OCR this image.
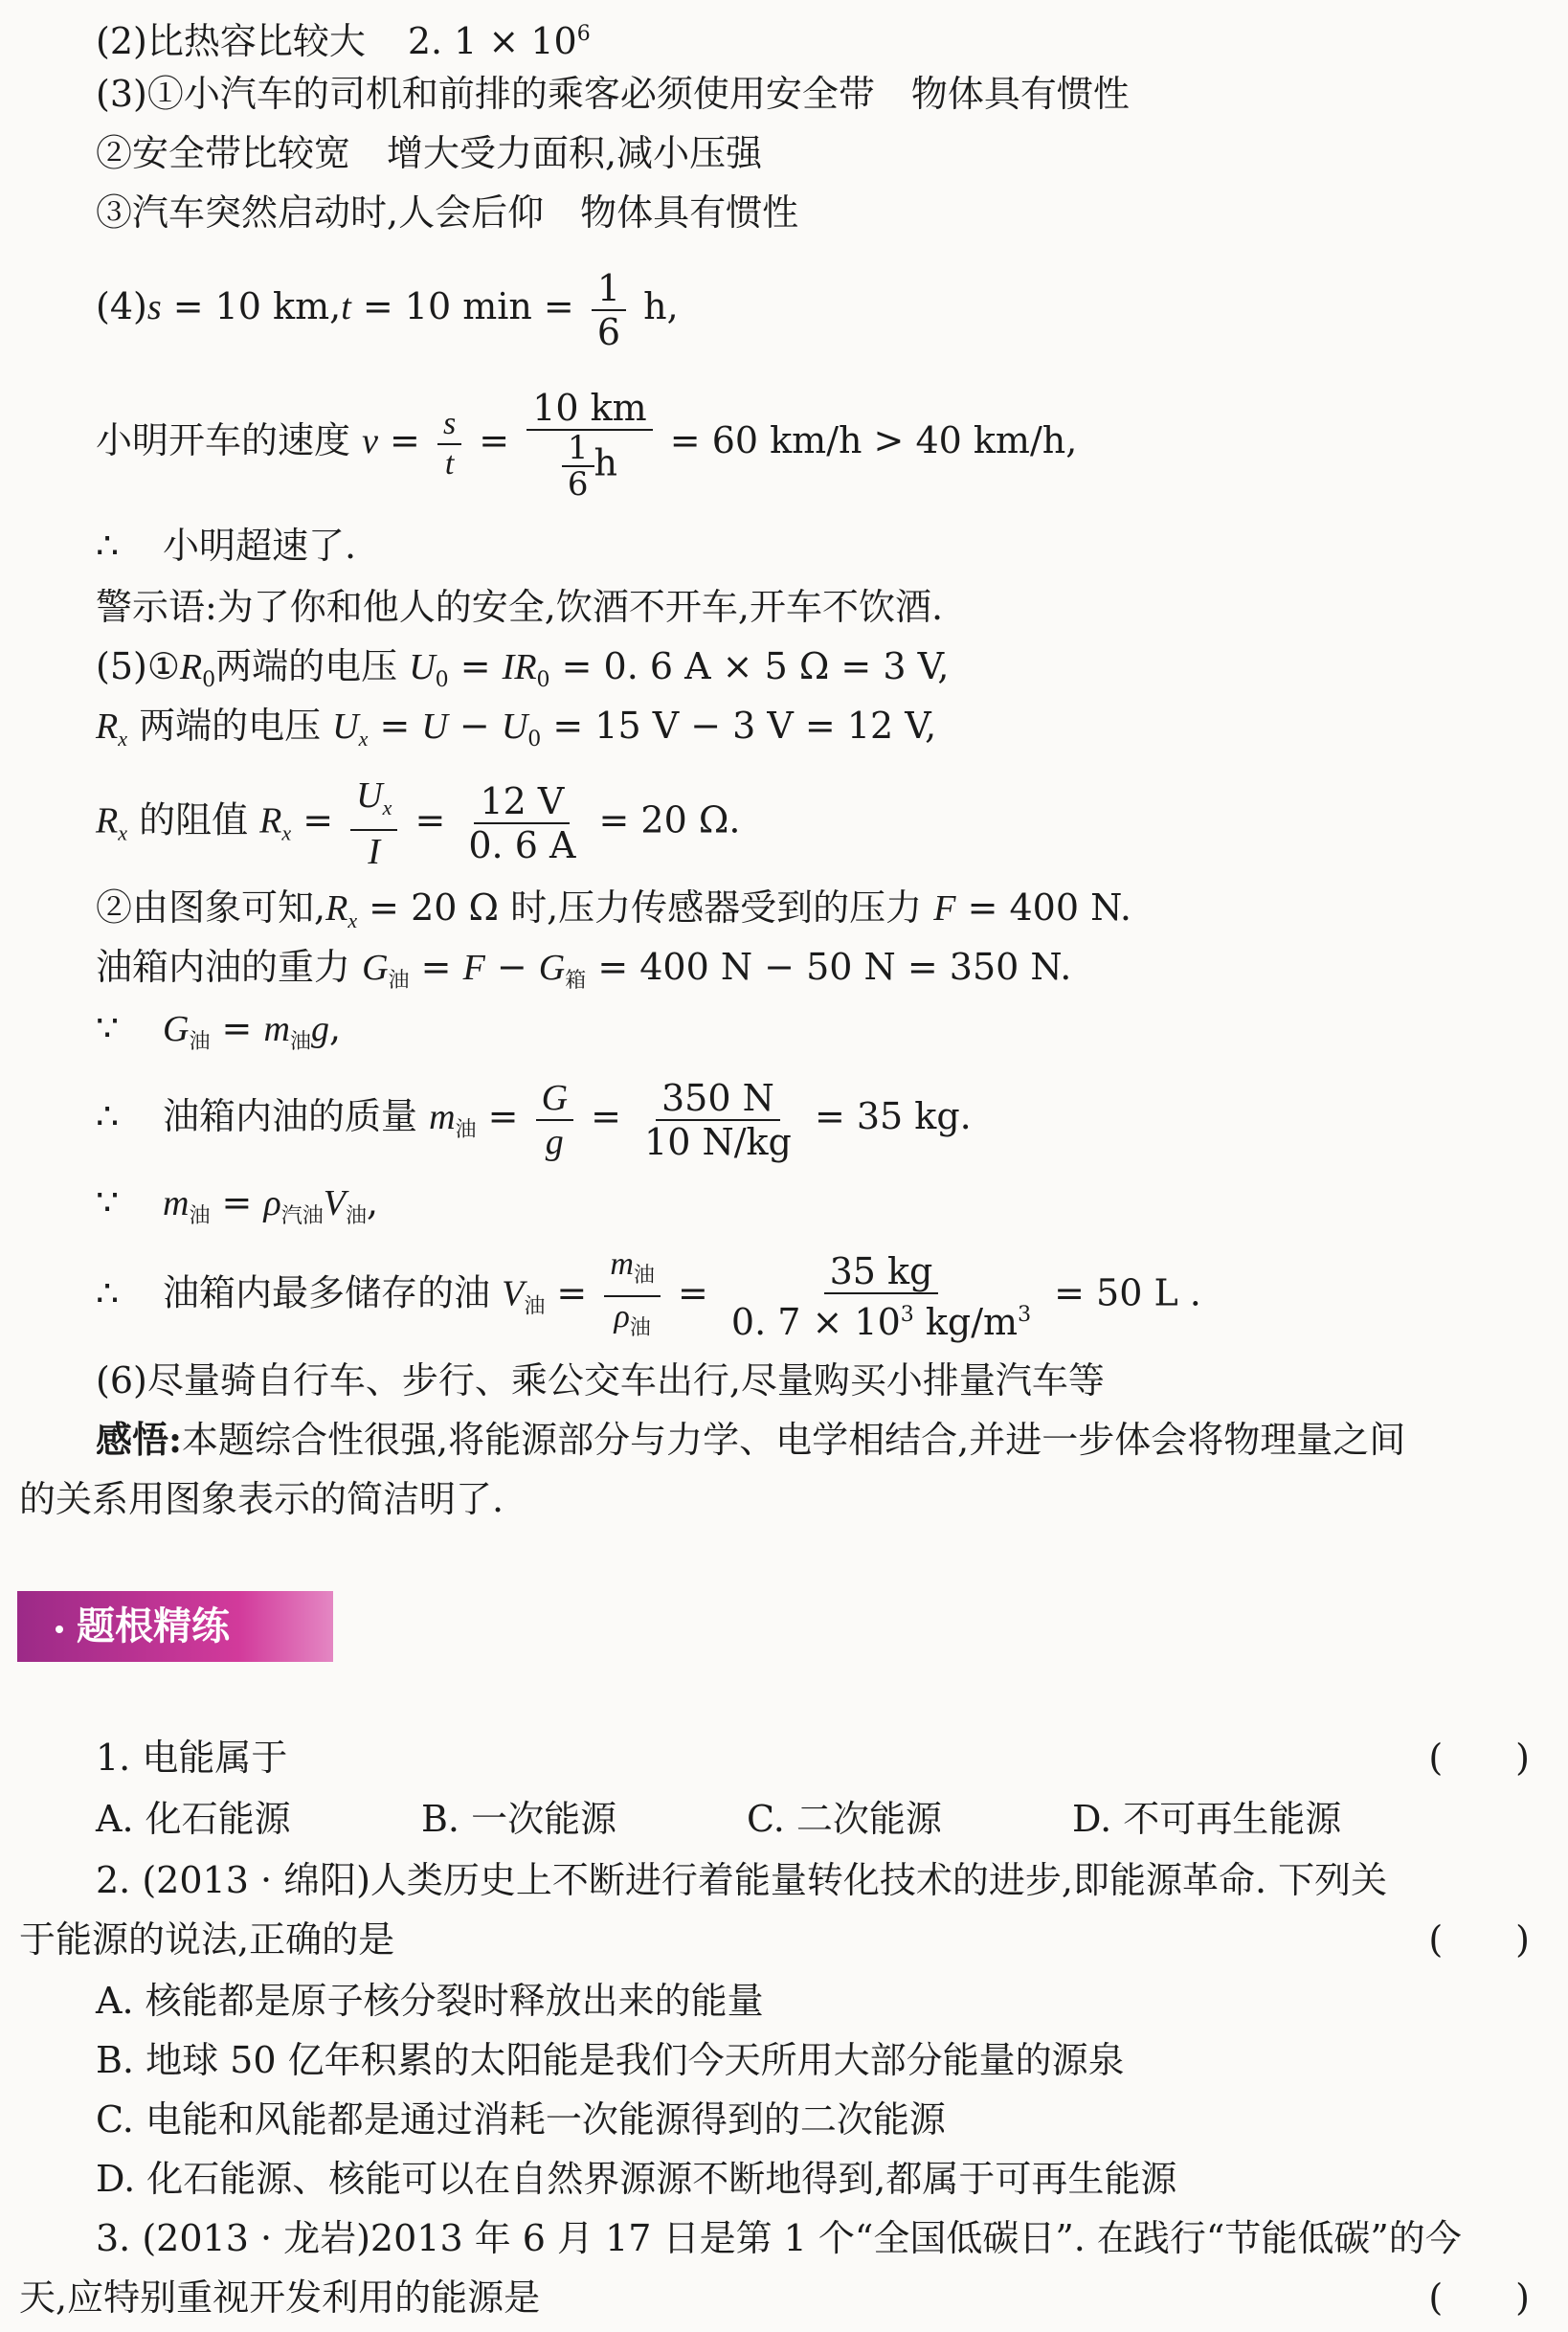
(2)比热容比较大 2. $1 \times 10^6$
(3)①小汽车的司机和前排的乘客必须使用安全带　物体具有惯性
②安全带比较宽　增大受力面积,减小压强
③汽车突然启动时,人会后仰　物体具有惯性
(4)s = 10 km,t = 10 $\min = \frac{1}{6} h$,
小明开车的速度 $v = \frac{s}{t} = \frac{10 km}{\frac{1}{6} h} = 60$ km/h > 40 km/h,
∴ 小明超速了.
警示语:为了你和他人的安全,饮酒不开车,开车不饮酒.
$(5)①R_0$两端的电压 $U_0 = IR_0 = 0$. 6 A × 5 Ω = 3 V,
$R_x$ 两端的电压 $U_x = U - U_0 = 15$ V − 3 V = 12 V,
$R_x$ 的阻值 $R_x = \frac{U_x}{I} = \frac{12 V}{0. 6 A} = 20$ Ω.
②由图象可知$,R_x = 20$ Ω 时,压力传感器受到的压力 F = 400 N.
油箱内油的重力 $G_油 = F - G_箱 = 400$ N − 50 N = 350 N.
∵ $G_油 = m_油g$,
∴ 油箱内油的质量 $m_油 = \frac{G}{g} = \frac{350 N}{10 N/kg} = 35$ kg.
∵ $m_油 = \rho_{汽油}V_油$,
∴ 油箱内最多储存的油 $V_油 = \frac{m_油}{\rho_油} = \frac{35 kg}{0. 7 \times 10^3 kg/m^3} = 50$ L .
(6)尽量骑自行车、步行、乘公交车出行,尽量购买小排量汽车等
感悟:本题综合性很强,将能源部分与力学、电学相结合,并进一步体会将物理量之间
的关系用图象表示的简洁明了.
题根精练
1. 电能属于	(　　)
A. 化石能源	B. 一次能源	C. 二次能源	D. 不可再生能源
2. (2013 · 绵阳)人类历史上不断进行着能量转化技术的进步,即能源革命. 下列关
于能源的说法,正确的是	(　　)
A. 核能都是原子核分裂时释放出来的能量
B. 地球 50 亿年积累的太阳能是我们今天所用大部分能量的源泉
C. 电能和风能都是通过消耗一次能源得到的二次能源
D. 化石能源、核能可以在自然界源源不断地得到,都属于可再生能源
3. (2013 · 龙岩)2013 年 6 月 17 日是第 1 个“全国低碳日”. 在践行“节能低碳”的今
天,应特别重视开发利用的能源是	(　　)
